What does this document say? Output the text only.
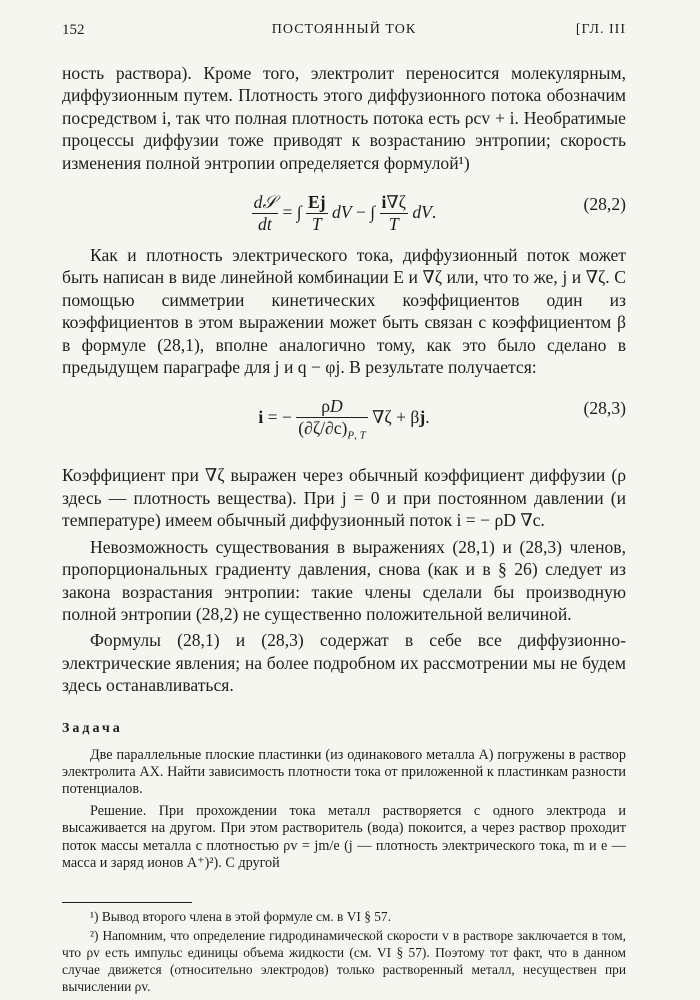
152	ПОСТОЯННЫЙ ТОК	[ГЛ. III

ность раствора). Кроме того, электролит переносится молекулярным, диффузионным путем. Плотность этого диффузионного потока обозначим посредством i, так что полная плотность потока есть ρcv + i. Необратимые процессы диффузии тоже приводят к возрастанию энтропии; скорость изменения полной энтропии определяется формулой¹)

$\frac{\text{d𝒮}}{dt}$ = ∫ $\frac{Ej}{T}$ dV − ∫ $\frac{i\nabla\zeta}{T}$ dV.	(28,2)

Как и плотность электрического тока, диффузионный поток может быть написан в виде линейной комбинации E и ∇ζ или, что то же, j и ∇ζ. С помощью симметрии кинетических коэффициентов один из коэффициентов в этом выражении может быть связан с коэффициентом β в формуле (28,1), вполне аналогично тому, как это было сделано в предыдущем параграфе для j и q − φj. В результате получается:

i = − $\frac{\rho D}{(\partial\zeta/\partial c)_{P, T}} \nabla\zeta + \beta j$.	(28,3)

Коэффициент при ∇ζ выражен через обычный коэффициент диффузии (ρ здесь — плотность вещества). При j = 0 и при постоянном давлении (и температуре) имеем обычный диффузионный поток i = − ρD ∇c.

Невозможность существования в выражениях (28,1) и (28,3) членов, пропорциональных градиенту давления, снова (как и в § 26) следует из закона возрастания энтропии: такие члены сделали бы производную полной энтропии (28,2) не существенно положительной величиной.

Формулы (28,1) и (28,3) содержат в себе все диффузионно-электрические явления; на более подробном их рассмотрении мы не будем здесь останавливаться.

Задача

Две параллельные плоские пластинки (из одинакового металла A) погружены в раствор электролита AX. Найти зависимость плотности тока от приложенной к пластинкам разности потенциалов.

Решение. При прохождении тока металл растворяется с одного электрода и высаживается на другом. При этом растворитель (вода) покоится, а через раствор проходит поток массы металла с плотностью ρv = jm/e (j — плотность электрического тока, m и e — масса и заряд ионов A⁺)²). С другой

¹) Вывод второго члена в этой формуле см. в VI § 57.

²) Напомним, что определение гидродинамической скорости v в растворе заключается в том, что ρv есть импульс единицы объема жидкости (см. VI § 57). Поэтому тот факт, что в данном случае движется (относительно электродов) только растворенный металл, несуществен при вычислении ρv.
